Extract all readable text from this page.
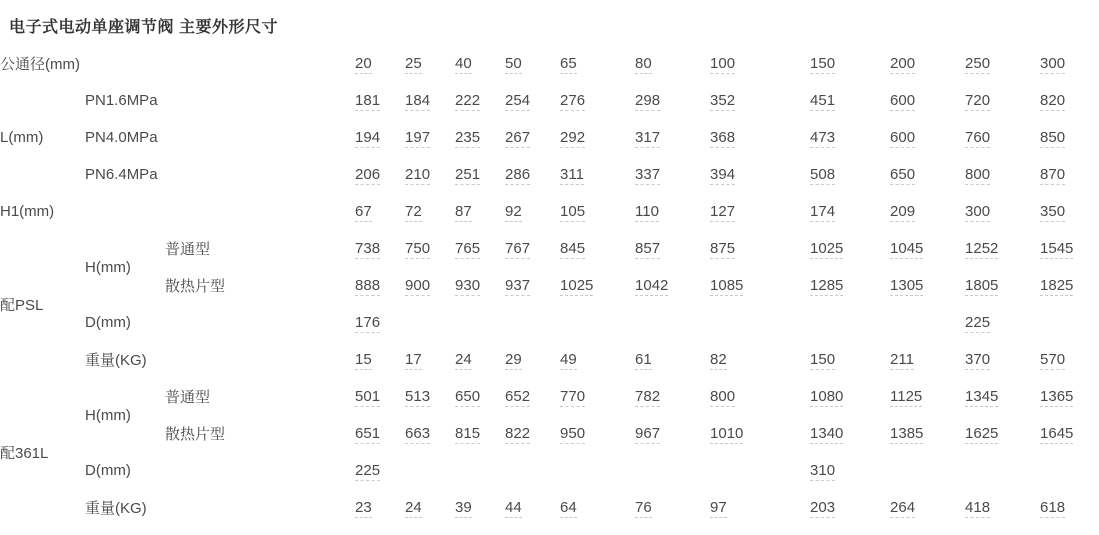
电子式电动单座调节阀 主要外形尺寸
公通径(mm)			20	25	40	50	65	80	100	150	200	250	300
L(mm)	PN1.6MPa		181	184	222	254	276	298	352	451	600	720	820
	PN4.0MPa		194	197	235	267	292	317	368	473	600	760	850
	PN6.4MPa		206	210	251	286	311	337	394	508	650	800	870
H1(mm)			67	72	87	92	105	110	127	174	209	300	350
配PSL	H(mm)	普通型	738	750	765	767	845	857	875	1025	1045	1252	1545
		散热片型	888	900	930	937	1025	1042	1085	1285	1305	1805	1825
	D(mm)		176									225	
	重量(KG)		15	17	24	29	49	61	82	150	211	370	570
配361L	H(mm)	普通型	501	513	650	652	770	782	800	1080	1125	1345	1365
		散热片型	651	663	815	822	950	967	1010	1340	1385	1625	1645
	D(mm)		225							310			
	重量(KG)		23	24	39	44	64	76	97	203	264	418	618
